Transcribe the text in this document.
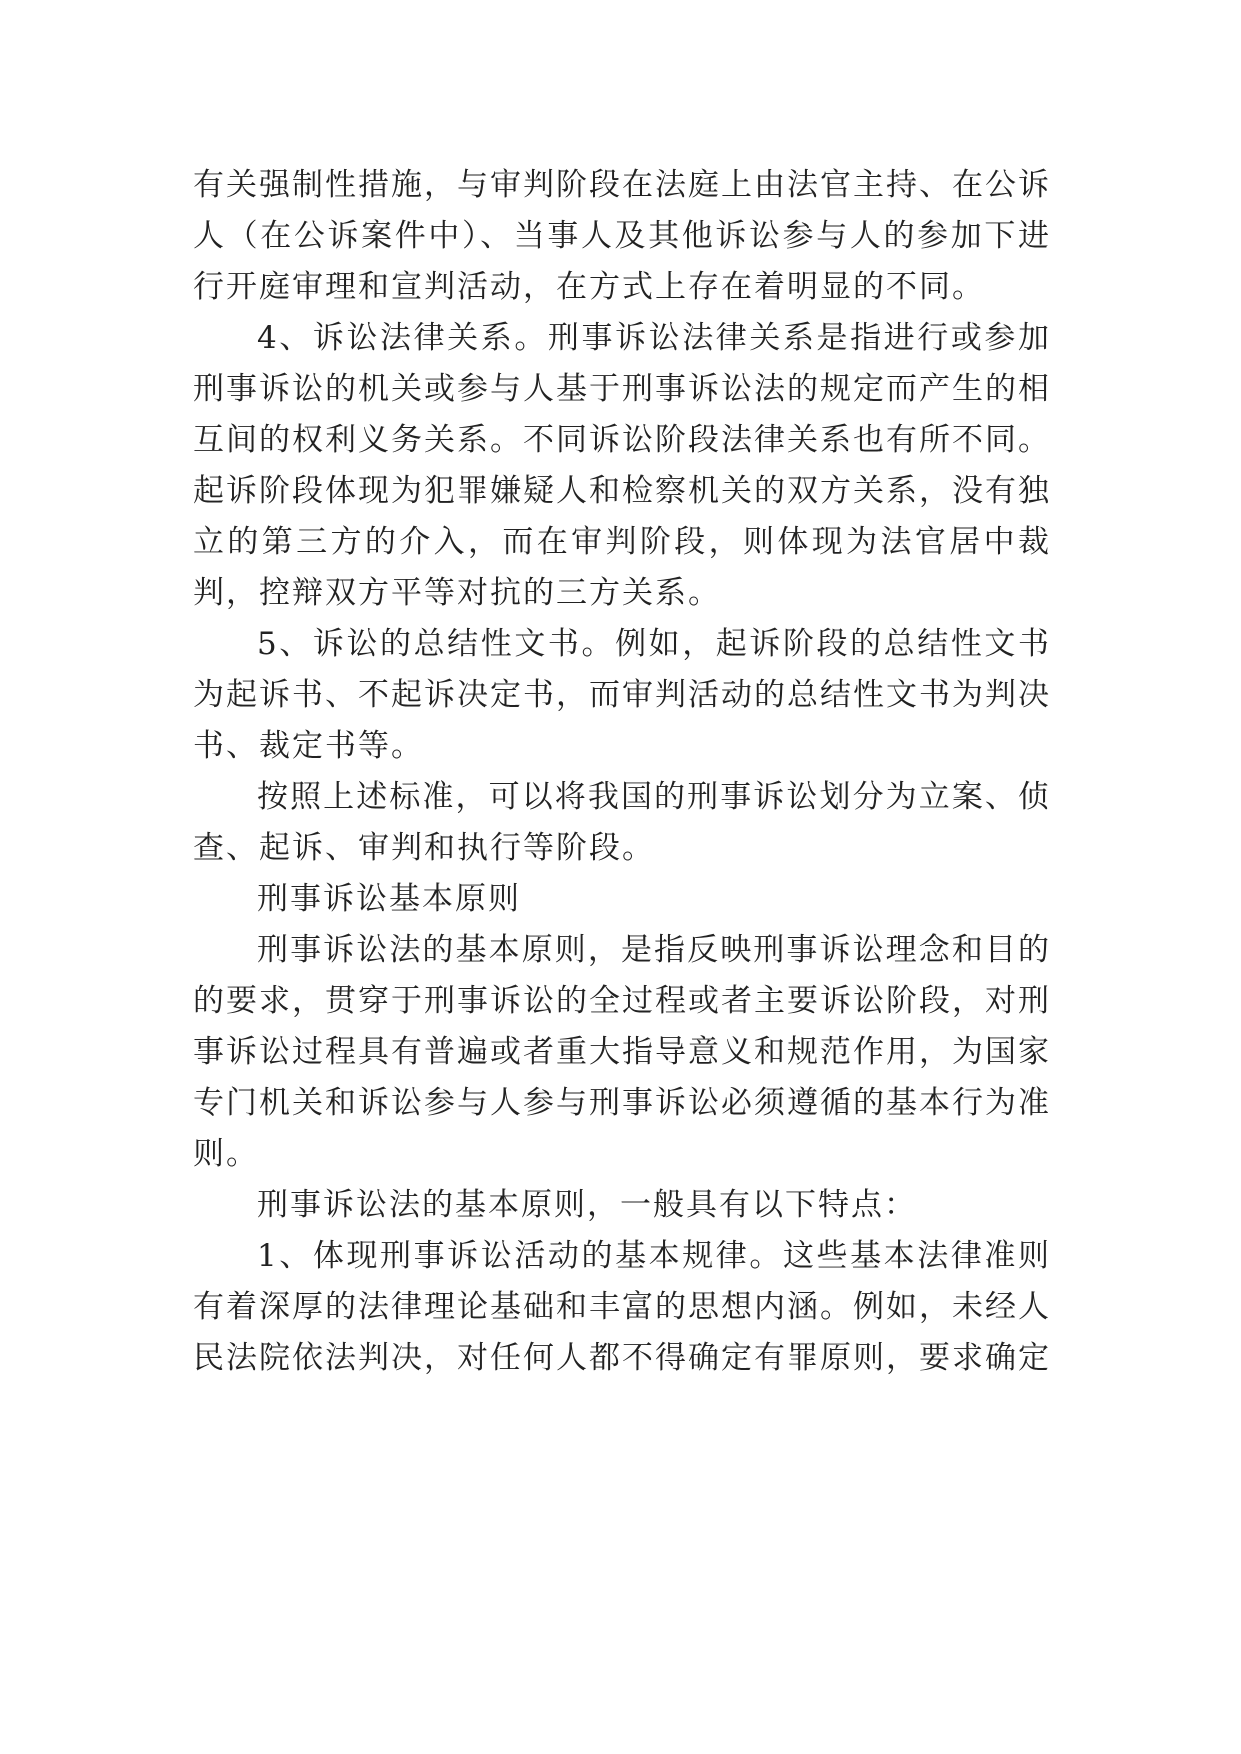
有关强制性措施，与审判阶段在法庭上由法官主持、在公诉人（在公诉案件中）、当事人及其他诉讼参与人的参加下进行开庭审理和宣判活动，在方式上存在着明显的不同。

4、诉讼法律关系。刑事诉讼法律关系是指进行或参加刑事诉讼的机关或参与人基于刑事诉讼法的规定而产生的相互间的权利义务关系。不同诉讼阶段法律关系也有所不同。起诉阶段体现为犯罪嫌疑人和检察机关的双方关系，没有独立的第三方的介入，而在审判阶段，则体现为法官居中裁判，控辩双方平等对抗的三方关系。

5、诉讼的总结性文书。例如，起诉阶段的总结性文书为起诉书、不起诉决定书，而审判活动的总结性文书为判决书、裁定书等。

按照上述标准，可以将我国的刑事诉讼划分为立案、侦查、起诉、审判和执行等阶段。

刑事诉讼基本原则

刑事诉讼法的基本原则，是指反映刑事诉讼理念和目的的要求，贯穿于刑事诉讼的全过程或者主要诉讼阶段，对刑事诉讼过程具有普遍或者重大指导意义和规范作用，为国家专门机关和诉讼参与人参与刑事诉讼必须遵循的基本行为准则。

刑事诉讼法的基本原则，一般具有以下特点：

1、体现刑事诉讼活动的基本规律。这些基本法律准则有着深厚的法律理论基础和丰富的思想内涵。例如，未经人民法院依法判决，对任何人都不得确定有罪原则，要求确定
